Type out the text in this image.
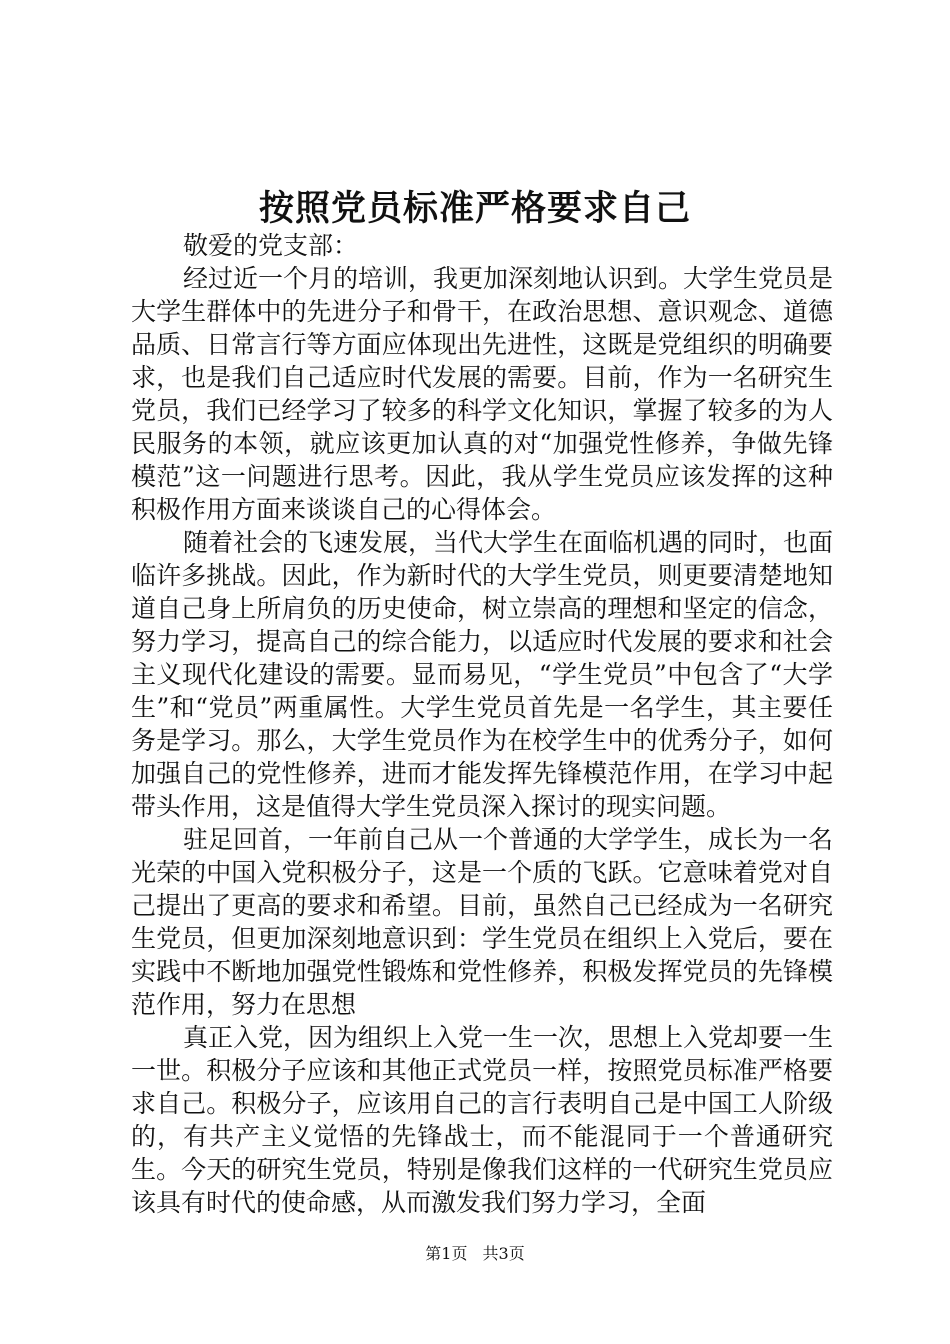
按照党员标准严格要求自己

敬爱的党支部：

经过近一个月的培训，我更加深刻地认识到。大学生党员是大学生群体中的先进分子和骨干，在政治思想、意识观念、道德品质、日常言行等方面应体现出先进性，这既是党组织的明确要求，也是我们自己适应时代发展的需要。目前，作为一名研究生党员，我们已经学习了较多的科学文化知识，掌握了较多的为人民服务的本领，就应该更加认真的对“加强党性修养，争做先锋模范”这一问题进行思考。因此，我从学生党员应该发挥的这种积极作用方面来谈谈自己的心得体会。

随着社会的飞速发展，当代大学生在面临机遇的同时，也面临许多挑战。因此，作为新时代的大学生党员，则更要清楚地知道自己身上所肩负的历史使命，树立崇高的理想和坚定的信念，努力学习，提高自己的综合能力，以适应时代发展的要求和社会主义现代化建设的需要。显而易见，“学生党员”中包含了“大学生”和“党员”两重属性。大学生党员首先是一名学生，其主要任务是学习。那么，大学生党员作为在校学生中的优秀分子，如何加强自己的党性修养，进而才能发挥先锋模范作用，在学习中起带头作用，这是值得大学生党员深入探讨的现实问题。

驻足回首，一年前自己从一个普通的大学学生，成长为一名光荣的中国入党积极分子，这是一个质的飞跃。它意味着党对自己提出了更高的要求和希望。目前，虽然自己已经成为一名研究生党员，但更加深刻地意识到：学生党员在组织上入党后，要在实践中不断地加强党性锻炼和党性修养，积极发挥党员的先锋模范作用，努力在思想

真正入党，因为组织上入党一生一次，思想上入党却要一生一世。积极分子应该和其他正式党员一样，按照党员标准严格要求自己。积极分子，应该用自己的言行表明自己是中国工人阶级的，有共产主义觉悟的先锋战士，而不能混同于一个普通研究生。今天的研究生党员，特别是像我们这样的一代研究生党员应该具有时代的使命感，从而激发我们努力学习，全面

第1页 共3页
